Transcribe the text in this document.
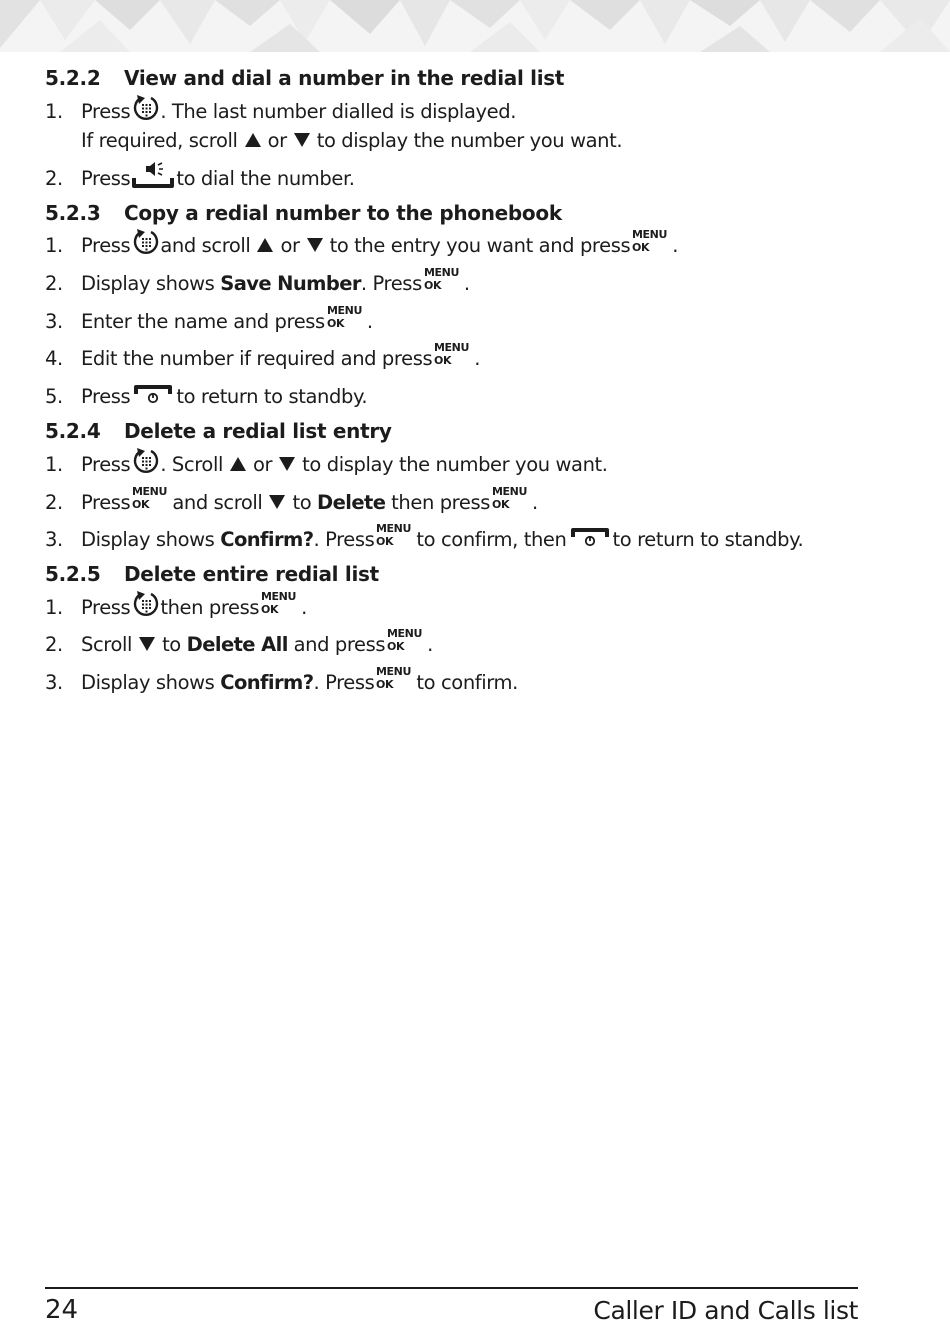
5.2.2 View and dial a number in the redial list
1. Press . The last number dialled is displayed.
If required, scroll or to display the number you want.
2. Press to dial the number.
5.2.3 Copy a redial number to the phonebook
1. Press and scroll or to the entry you want and press .
2. Display shows Save Number. Press .
3. Enter the name and press .
4. Edit the number if required and press .
5. Press to return to standby.
5.2.4 Delete a redial list entry
1. Press . Scroll or to display the number you want.
2. Press and scroll to Delete then press .
3. Display shows Confirm?. Press to confirm, then to return to standby.
5.2.5 Delete entire redial list
1. Press then press .
2. Scroll to Delete All and press .
3. Display shows Confirm?. Press to confirm.
24	Caller ID and Calls list
